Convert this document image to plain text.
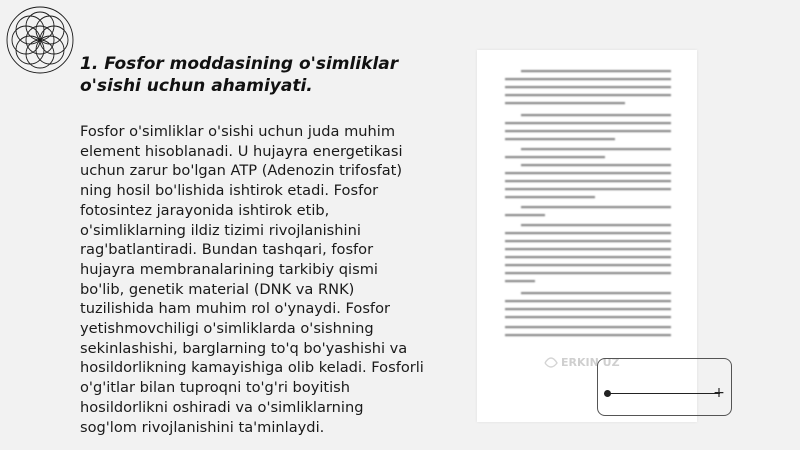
1. Fosfor moddasining o'simliklar o'sishi uchun ahamiyati.

Fosfor o'simliklar o'sishi uchun juda muhim element hisoblanadi. U hujayra energetikasi uchun zarur bo'lgan ATP (Adenozin trifosfat) ning hosil bo'lishida ishtirok etadi. Fosfor fotosintez jarayonida ishtirok etib, o'simliklarning ildiz tizimi rivojlanishini rag'batlantiradi. Bundan tashqari, fosfor hujayra membranalarining tarkibiy qismi bo'lib, genetik material (DNK va RNK) tuzilishida ham muhim rol o'ynaydi. Fosfor yetishmovchiligi o'simliklarda o'sishning sekinlashishi, barglarning to'q bo'yashishi va hosildorlikning kamayishiga olib keladi. Fosforli o'g'itlar bilan tuproqni to'g'ri boyitish hosildorlikni oshiradi va o'simliklarning sog'lom rivojlanishini ta'minlaydi.

ERKIN UZ
+
